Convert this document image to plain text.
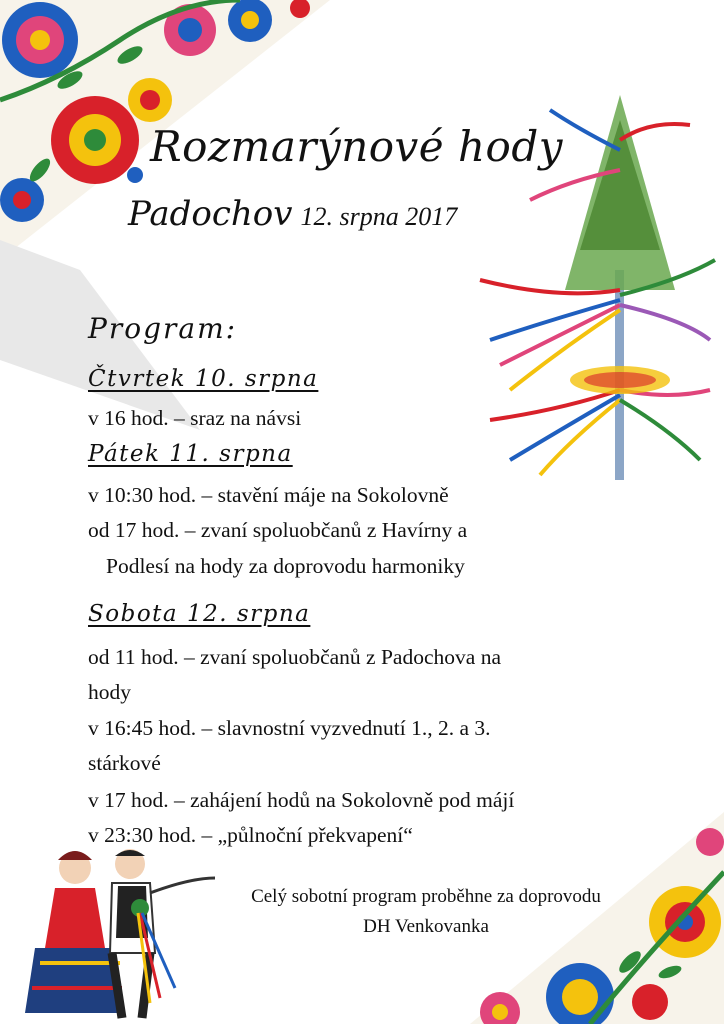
Rozmarýnové hody
Padochov 12. srpna 2017
Program:
Čtvrtek 10. srpna
v 16 hod. – sraz na návsi
Pátek 11. srpna
v 10:30 hod. – stavění máje na Sokolovně
od 17 hod. – zvaní spoluobčanů z Havírny a
Podlesí na hody za doprovodu harmoniky
Sobota 12. srpna
od 11 hod. – zvaní spoluobčanů z Padochova na
hody
v 16:45 hod. – slavnostní vyzvednutí 1., 2. a 3.
stárkové
v 17 hod. – zahájení hodů na Sokolovně pod májí
v 23:30 hod. – „půlnoční překvapení“
Celý sobotní program proběhne za doprovodu
DH Venkovanka
